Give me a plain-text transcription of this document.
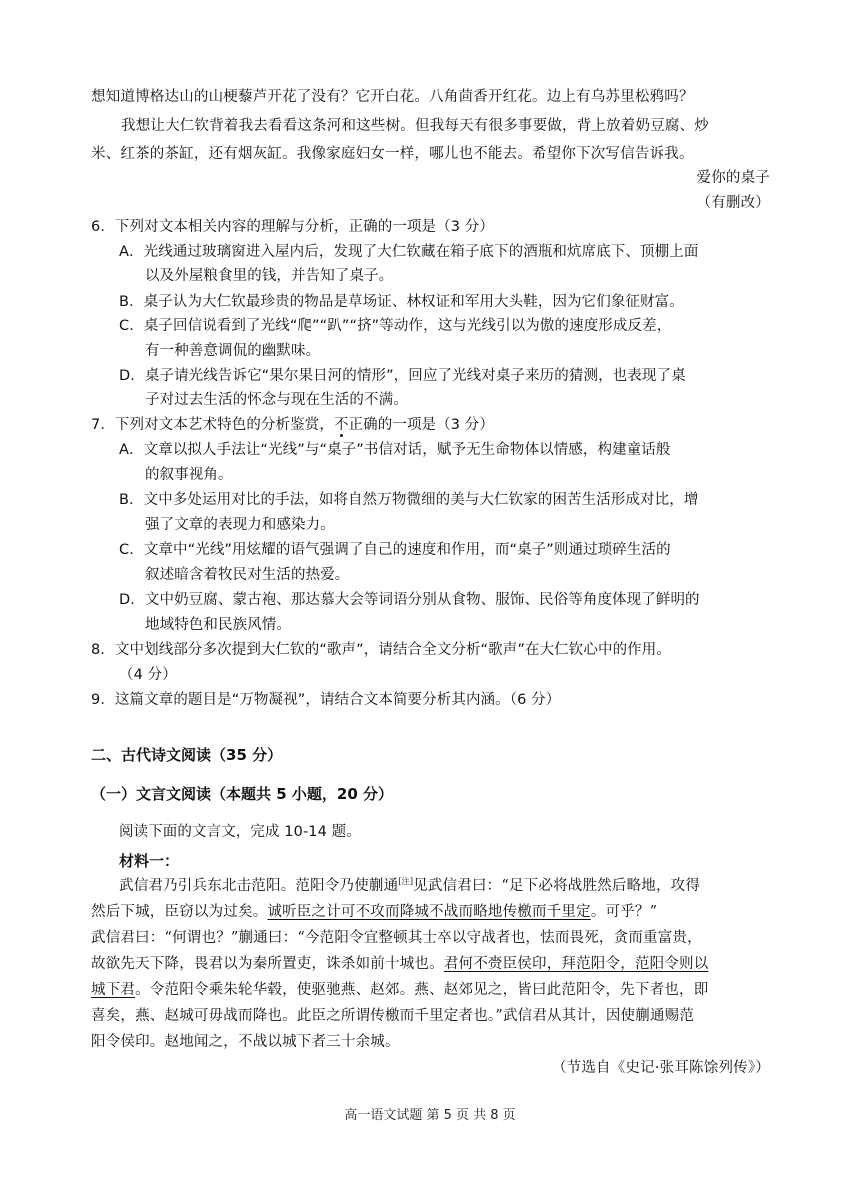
想知道博格达山的山梗藜芦开花了没有？它开白花。八角茴香开红花。边上有乌苏里松鸦吗？
我想让大仁钦背着我去看看这条河和这些树。但我每天有很多事要做，背上放着奶豆腐、炒
米、红茶的茶缸，还有烟灰缸。我像家庭妇女一样，哪儿也不能去。希望你下次写信告诉我。
爱你的桌子
（有删改）
6．下列对文本相关内容的理解与分析，正确的一项是（3 分）
A．光线通过玻璃窗进入屋内后，发现了大仁钦藏在箱子底下的酒瓶和炕席底下、顶棚上面
以及外屋粮食里的钱，并告知了桌子。
B．桌子认为大仁钦最珍贵的物品是草场证、林权证和军用大头鞋，因为它们象征财富。
C．桌子回信说看到了光线“爬”“趴”“挤”等动作，这与光线引以为傲的速度形成反差，
有一种善意调侃的幽默味。
D．桌子请光线告诉它“果尔果日河的情形”，回应了光线对桌子来历的猜测，也表现了桌
子对过去生活的怀念与现在生活的不满。
7．下列对文本艺术特色的分析鉴赏，不
正确的一项是（3 分）
A．文章以拟人手法让“光线”与“桌子”书信对话，赋予无生命物体以情感，构建童话般
的叙事视角。
B．文中多处运用对比的手法，如将自然万物微细的美与大仁钦家的困苦生活形成对比，增
强了文章的表现力和感染力。
C．文章中“光线”用炫耀的语气强调了自己的速度和作用，而“桌子”则通过琐碎生活的
叙述暗含着牧民对生活的热爱。
D．文中奶豆腐、蒙古袍、那达慕大会等词语分别从食物、服饰、民俗等角度体现了鲜明的
地域特色和民族风情。
8．文中划线部分多次提到大仁钦的“歌声”，请结合全文分析“歌声”在大仁钦心中的作用。
（4 分）
9．这篇文章的题目是“万物凝视”，请结合文本简要分析其内涵。（6 分）
二、古代诗文阅读（35 分）
（一）文言文阅读（本题共 5 小题，20 分）
阅读下面的文言文，完成 10-14 题。
材料一：
武信君乃引兵东北击范阳。范阳令乃使蒯通[注]见武信君曰：“足下必将战胜然后略地，攻得
然后下城，臣窃以为过矣。诚听臣之计可不攻而降城不战而略地传檄而千里定。可乎？”
武信君曰：“何谓也？”蒯通曰：“今范阳令宜整顿其士卒以守战者也，怯而畏死，贪而重富贵，
故欲先天下降，畏君以为秦所置吏，诛杀如前十城也。君何不赍臣侯印，拜范阳令，范阳令则以
城下君。令范阳令乘朱轮华毂，使驱驰燕、赵郊。燕、赵郊见之，皆曰此范阳令，先下者也，即
喜矣，燕、赵城可毋战而降也。此臣之所谓传檄而千里定者也。”武信君从其计，因使蒯通赐范
阳令侯印。赵地闻之，不战以城下者三十余城。
（节选自《史记·张耳陈馀列传》）
高一语文试题 第 5 页 共 8 页
